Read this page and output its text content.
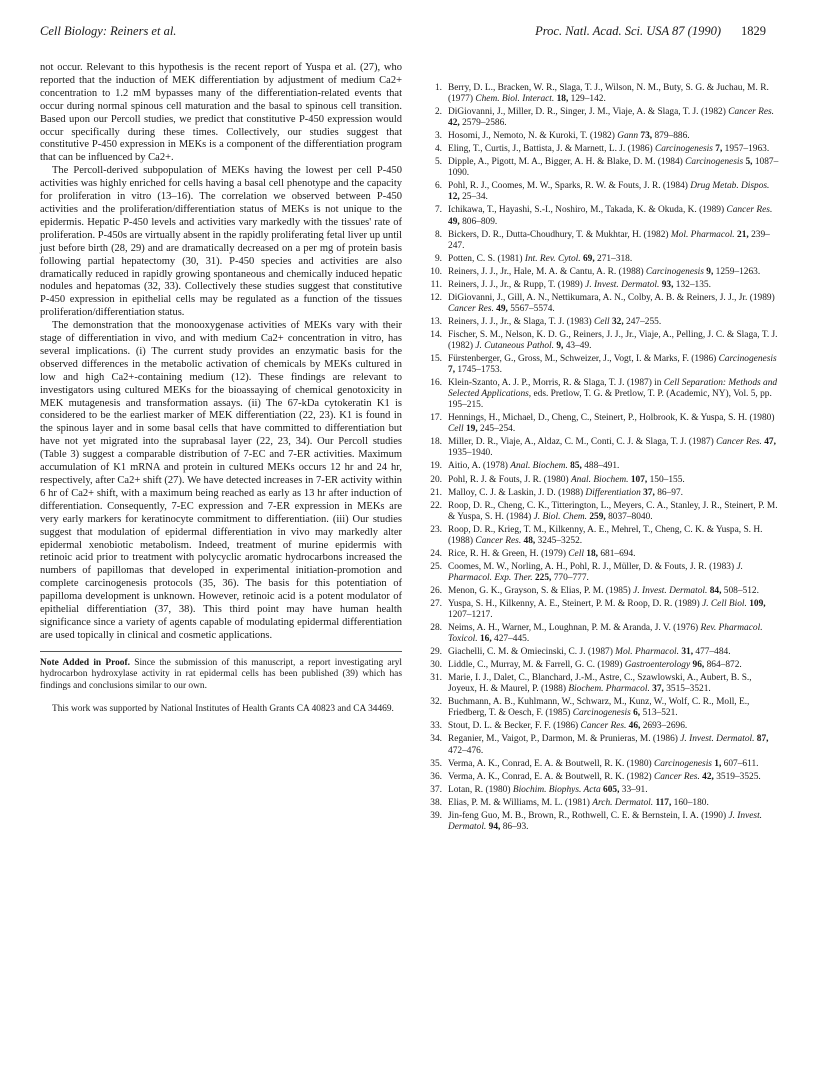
Cell Biology: Reiners et al.	Proc. Natl. Acad. Sci. USA 87 (1990) 1829

not occur. Relevant to this hypothesis is the recent report of Yuspa et al. (27), who reported that the induction of MEK differentiation by adjustment of medium Ca2+ concentration to 1.2 mM bypasses many of the differentiation-related events that occur during normal spinous cell maturation and the basal to spinous cell transition. Based upon our Percoll studies, we predict that constitutive P-450 expression would occur specifically during these times. Collectively, our studies suggest that constitutive P-450 expression in MEKs is a component of the differentiation program that can be influenced by Ca2+.

The Percoll-derived subpopulation of MEKs having the lowest per cell P-450 activities was highly enriched for cells having a basal cell phenotype and the capacity for proliferation in vitro (13–16). The correlation we observed between P-450 activities and the proliferation/differentiation status of MEKs is not unique to the epidermis. Hepatic P-450 levels and activities vary markedly with the tissues' rate of proliferation. P-450s are virtually absent in the rapidly proliferating fetal liver up until just before birth (28, 29) and are dramatically decreased on a per mg of protein basis following partial hepatectomy (30, 31). P-450 species and activities are also dramatically reduced in rapidly growing spontaneous and chemically induced hepatic nodules and hepatomas (32, 33). Collectively these studies suggest that constitutive P-450 expression in epithelial cells may be regulated as a function of the tissues proliferation/differentiation status.

The demonstration that the monooxygenase activities of MEKs vary with their stage of differentiation in vivo, and with medium Ca2+ concentration in vitro, has several implications. (i) The current study provides an enzymatic basis for the observed differences in the metabolic activation of chemicals by MEKs cultured in low and high Ca2+-containing medium (12). These findings are relevant to investigators using cultured MEKs for the bioassaying of chemical genotoxicity in MEK mutagenesis and transformation assays. (ii) The 67-kDa cytokeratin K1 is considered to be the earliest marker of MEK differentiation (22, 23). K1 is found in the spinous layer and in some basal cells that have committed to differentiation but have not yet migrated into the suprabasal layer (22, 23, 34). Our Percoll studies (Table 3) suggest a comparable distribution of 7-EC and 7-ER activities. Maximum accumulation of K1 mRNA and protein in cultured MEKs occurs 12 hr and 24 hr, respectively, after Ca2+ shift (27). We have detected increases in 7-ER activity within 6 hr of Ca2+ shift, with a maximum being reached as early as 13 hr after induction of differentiation. Consequently, 7-EC expression and 7-ER expression in MEKs are very early markers for keratinocyte commitment to differentiation. (iii) Our studies suggest that modulation of epidermal differentiation in vivo may markedly alter epidermal xenobiotic metabolism. Indeed, treatment of murine epidermis with retinoic acid prior to treatment with polycyclic aromatic hydrocarbons increased the numbers of papillomas that developed in experimental initiation-promotion and complete carcinogenesis protocols (35, 36). The basis for this potentiation of papilloma development is unknown. However, retinoic acid is a potent modulator of epithelial differentiation (37, 38). This third point may have human health significance since a variety of agents capable of modulating epidermal differentiation are used topically in clinical and cosmetic applications.

Note Added in Proof. Since the submission of this manuscript, a report investigating aryl hydrocarbon hydroxylase activity in rat epidermal cells has been published (39) which has findings and conclusions similar to our own.
This work was supported by National Institutes of Health Grants CA 40823 and CA 34469.
1. Berry, D. L., Bracken, W. R., Slaga, T. J., Wilson, N. M., Buty, S. G. & Juchau, M. R. (1977) Chem. Biol. Interact. 18, 129–142.
2. DiGiovanni, J., Miller, D. R., Singer, J. M., Viaje, A. & Slaga, T. J. (1982) Cancer Res. 42, 2579–2586.
3. Hosomi, J., Nemoto, N. & Kuroki, T. (1982) Gann 73, 879–886.
4. Eling, T., Curtis, J., Battista, J. & Marnett, L. J. (1986) Carcinogenesis 7, 1957–1963.
5. Dipple, A., Pigott, M. A., Bigger, A. H. & Blake, D. M. (1984) Carcinogenesis 5, 1087–1090.
6. Pohl, R. J., Coomes, M. W., Sparks, R. W. & Fouts, J. R. (1984) Drug Metab. Dispos. 12, 25–34.
7. Ichikawa, T., Hayashi, S.-I., Noshiro, M., Takada, K. & Okuda, K. (1989) Cancer Res. 49, 806–809.
8. Bickers, D. R., Dutta-Choudhury, T. & Mukhtar, H. (1982) Mol. Pharmacol. 21, 239–247.
9. Potten, C. S. (1981) Int. Rev. Cytol. 69, 271–318.
10. Reiners, J. J., Jr., Hale, M. A. & Cantu, A. R. (1988) Carcinogenesis 9, 1259–1263.
11. Reiners, J. J., Jr., & Rupp, T. (1989) J. Invest. Dermatol. 93, 132–135.
12. DiGiovanni, J., Gill, A. N., Nettikumara, A. N., Colby, A. B. & Reiners, J. J., Jr. (1989) Cancer Res. 49, 5567–5574.
13. Reiners, J. J., Jr., & Slaga, T. J. (1983) Cell 32, 247–255.
14. Fischer, S. M., Nelson, K. D. G., Reiners, J. J., Jr., Viaje, A., Pelling, J. C. & Slaga, T. J. (1982) J. Cutaneous Pathol. 9, 43–49.
15. Fürstenberger, G., Gross, M., Schweizer, J., Vogt, I. & Marks, F. (1986) Carcinogenesis 7, 1745–1753.
16. Klein-Szanto, A. J. P., Morris, R. & Slaga, T. J. (1987) in Cell Separation: Methods and Selected Applications, eds. Pretlow, T. G. & Pretlow, T. P. (Academic, NY), Vol. 5, pp. 195–215.
17. Hennings, H., Michael, D., Cheng, C., Steinert, P., Holbrook, K. & Yuspa, S. H. (1980) Cell 19, 245–254.
18. Miller, D. R., Viaje, A., Aldaz, C. M., Conti, C. J. & Slaga, T. J. (1987) Cancer Res. 47, 1935–1940.
19. Aitio, A. (1978) Anal. Biochem. 85, 488–491.
20. Pohl, R. J. & Fouts, J. R. (1980) Anal. Biochem. 107, 150–155.
21. Malloy, C. J. & Laskin, J. D. (1988) Differentiation 37, 86–97.
22. Roop, D. R., Cheng, C. K., Titterington, L., Meyers, C. A., Stanley, J. R., Steinert, P. M. & Yuspa, S. H. (1984) J. Biol. Chem. 259, 8037–8040.
23. Roop, D. R., Krieg, T. M., Kilkenny, A. E., Mehrel, T., Cheng, C. K. & Yuspa, S. H. (1988) Cancer Res. 48, 3245–3252.
24. Rice, R. H. & Green, H. (1979) Cell 18, 681–694.
25. Coomes, M. W., Norling, A. H., Pohl, R. J., Müller, D. & Fouts, J. R. (1983) J. Pharmacol. Exp. Ther. 225, 770–777.
26. Menon, G. K., Grayson, S. & Elias, P. M. (1985) J. Invest. Dermatol. 84, 508–512.
27. Yuspa, S. H., Kilkenny, A. E., Steinert, P. M. & Roop, D. R. (1989) J. Cell Biol. 109, 1207–1217.
28. Neims, A. H., Warner, M., Loughnan, P. M. & Aranda, J. V. (1976) Rev. Pharmacol. Toxicol. 16, 427–445.
29. Giachelli, C. M. & Omiecinski, C. J. (1987) Mol. Pharmacol. 31, 477–484.
30. Liddle, C., Murray, M. & Farrell, G. C. (1989) Gastroenterology 96, 864–872.
31. Marie, I. J., Dalet, C., Blanchard, J.-M., Astre, C., Szawlowski, A., Aubert, B. S., Joyeux, H. & Maurel, P. (1988) Biochem. Pharmacol. 37, 3515–3521.
32. Buchmann, A. B., Kuhlmann, W., Schwarz, M., Kunz, W., Wolf, C. R., Moll, E., Friedberg, T. & Oesch, F. (1985) Carcinogenesis 6, 513–521.
33. Stout, D. L. & Becker, F. F. (1986) Cancer Res. 46, 2693–2696.
34. Reganier, M., Vaigot, P., Darmon, M. & Prunieras, M. (1986) J. Invest. Dermatol. 87, 472–476.
35. Verma, A. K., Conrad, E. A. & Boutwell, R. K. (1980) Carcinogenesis 1, 607–611.
36. Verma, A. K., Conrad, E. A. & Boutwell, R. K. (1982) Cancer Res. 42, 3519–3525.
37. Lotan, R. (1980) Biochim. Biophys. Acta 605, 33–91.
38. Elias, P. M. & Williams, M. L. (1981) Arch. Dermatol. 117, 160–180.
39. Jin-feng Guo, M. B., Brown, R., Rothwell, C. E. & Bernstein, I. A. (1990) J. Invest. Dermatol. 94, 86–93.
